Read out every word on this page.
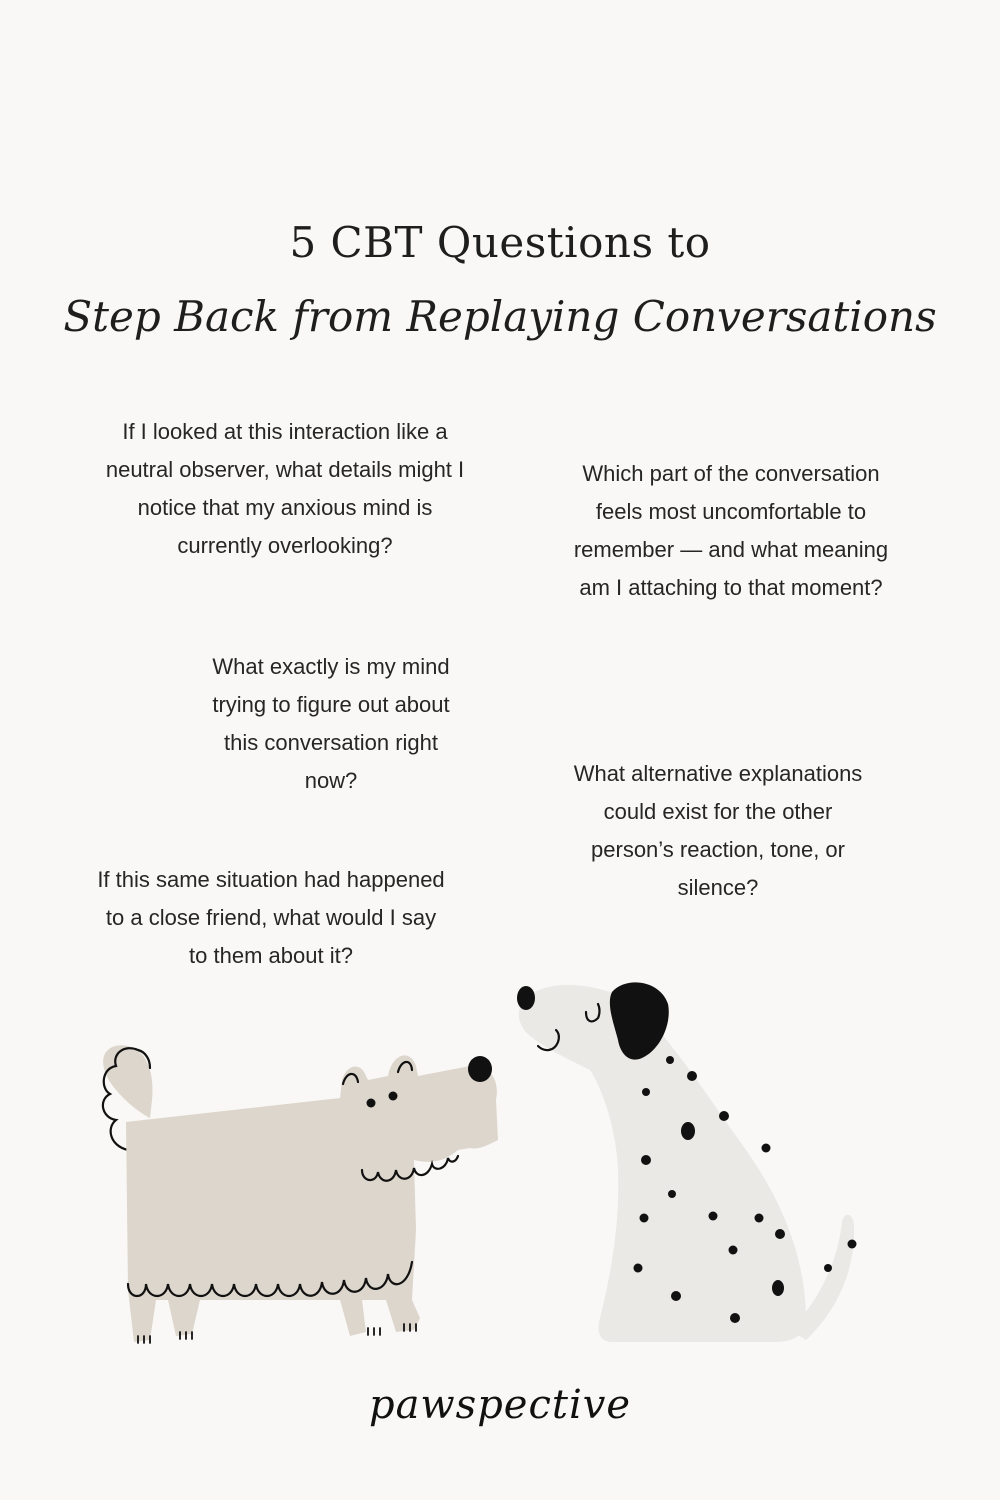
5 CBT Questions to
Step Back from Replaying Conversations

If I looked at this interaction like a neutral observer, what details might I notice that my anxious mind is currently overlooking?

Which part of the conversation feels most uncomfortable to remember — and what meaning am I attaching to that moment?

What exactly is my mind trying to figure out about this conversation right now?	What alternative explanations could exist for the other person’s reaction, tone, or silence?

If this same situation had happened to a close friend, what would I say to them about it?

pawspective
